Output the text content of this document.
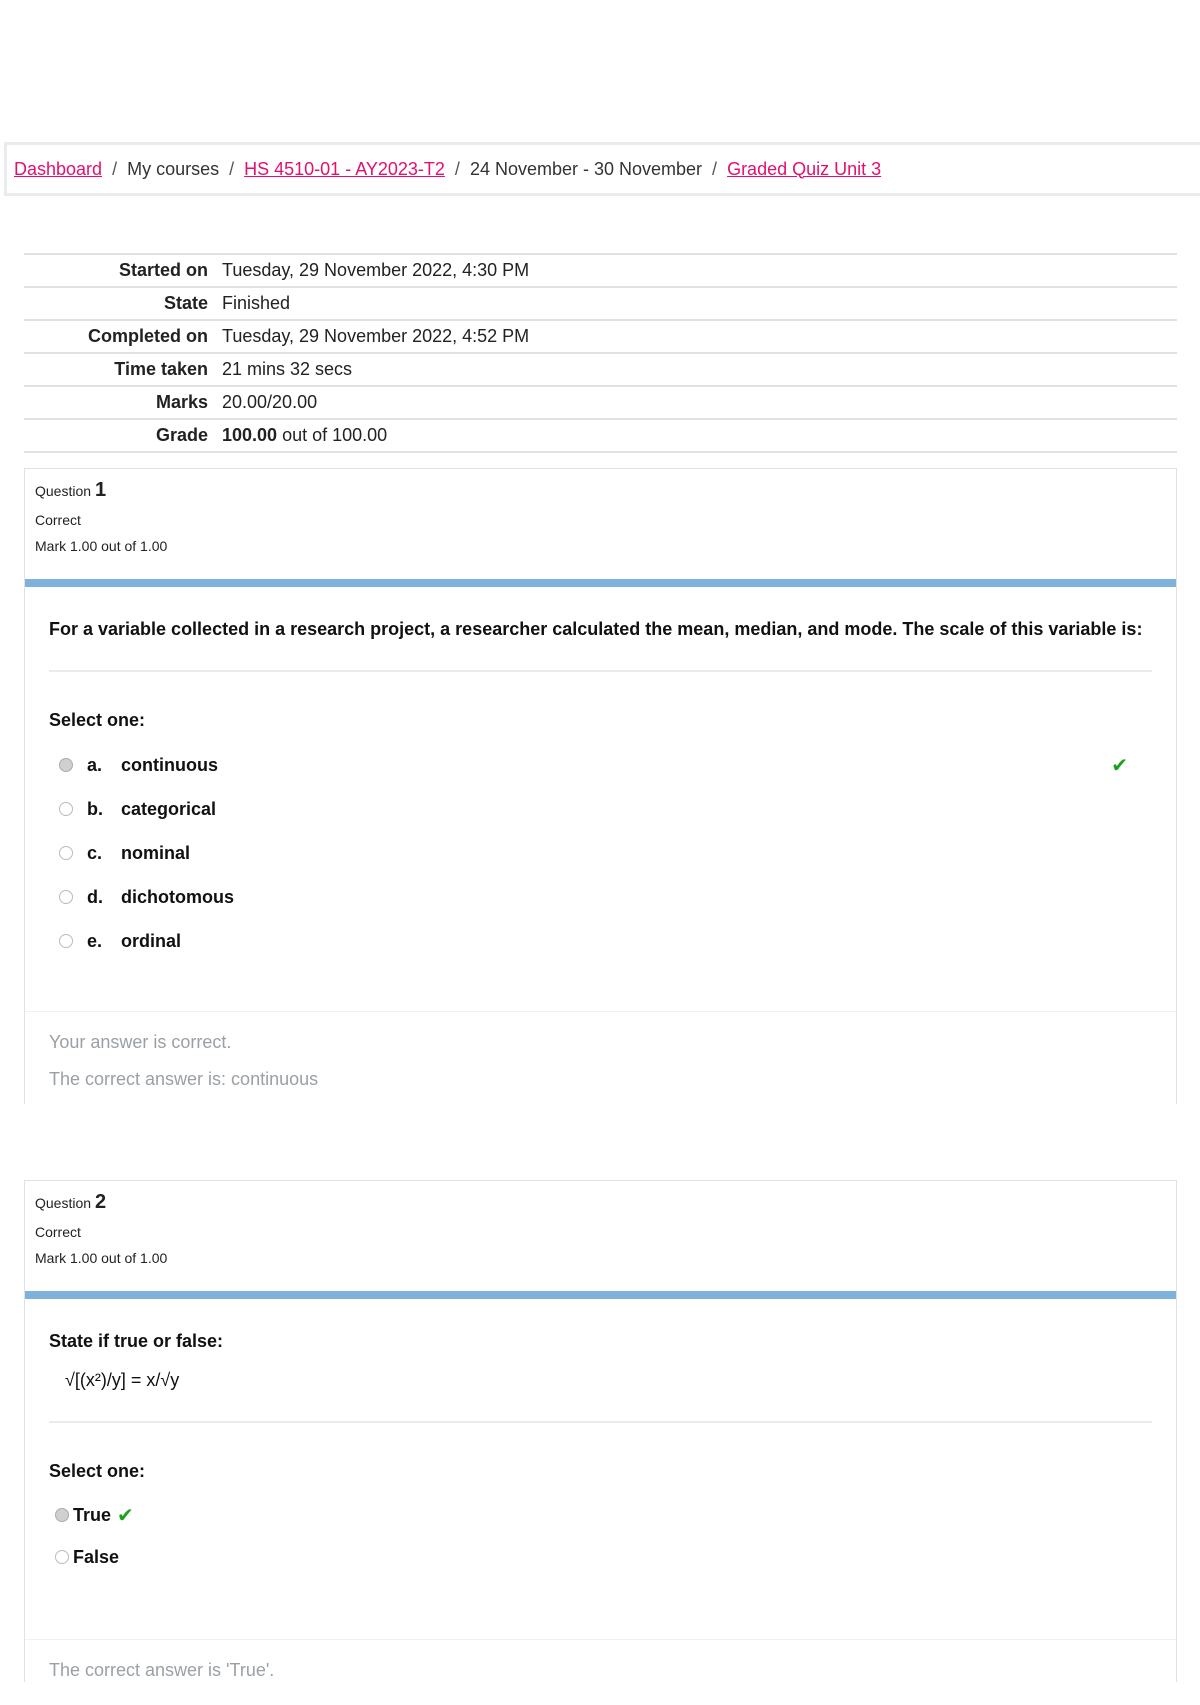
Dashboard / My courses / HS 4510-01 - AY2023-T2 / 24 November - 30 November / Graded Quiz Unit 3
Started on	Tuesday, 29 November 2022, 4:30 PM
State	Finished
Completed on	Tuesday, 29 November 2022, 4:52 PM
Time taken	21 mins 32 secs
Marks	20.00/20.00
Grade	100.00 out of 100.00
Question 1
Correct
Mark 1.00 out of 1.00
For a variable collected in a research project, a researcher calculated the mean, median, and mode. The scale of this variable is:
Select one:
a.	continuous	✔
b.	categorical
c.	nominal
d.	dichotomous
e.	ordinal
Your answer is correct.
The correct answer is: continuous
Question 2
Correct
Mark 1.00 out of 1.00
State if true or false:
√[(x²)/y] = x/√y
Select one:
True ✔
False
The correct answer is 'True'.
